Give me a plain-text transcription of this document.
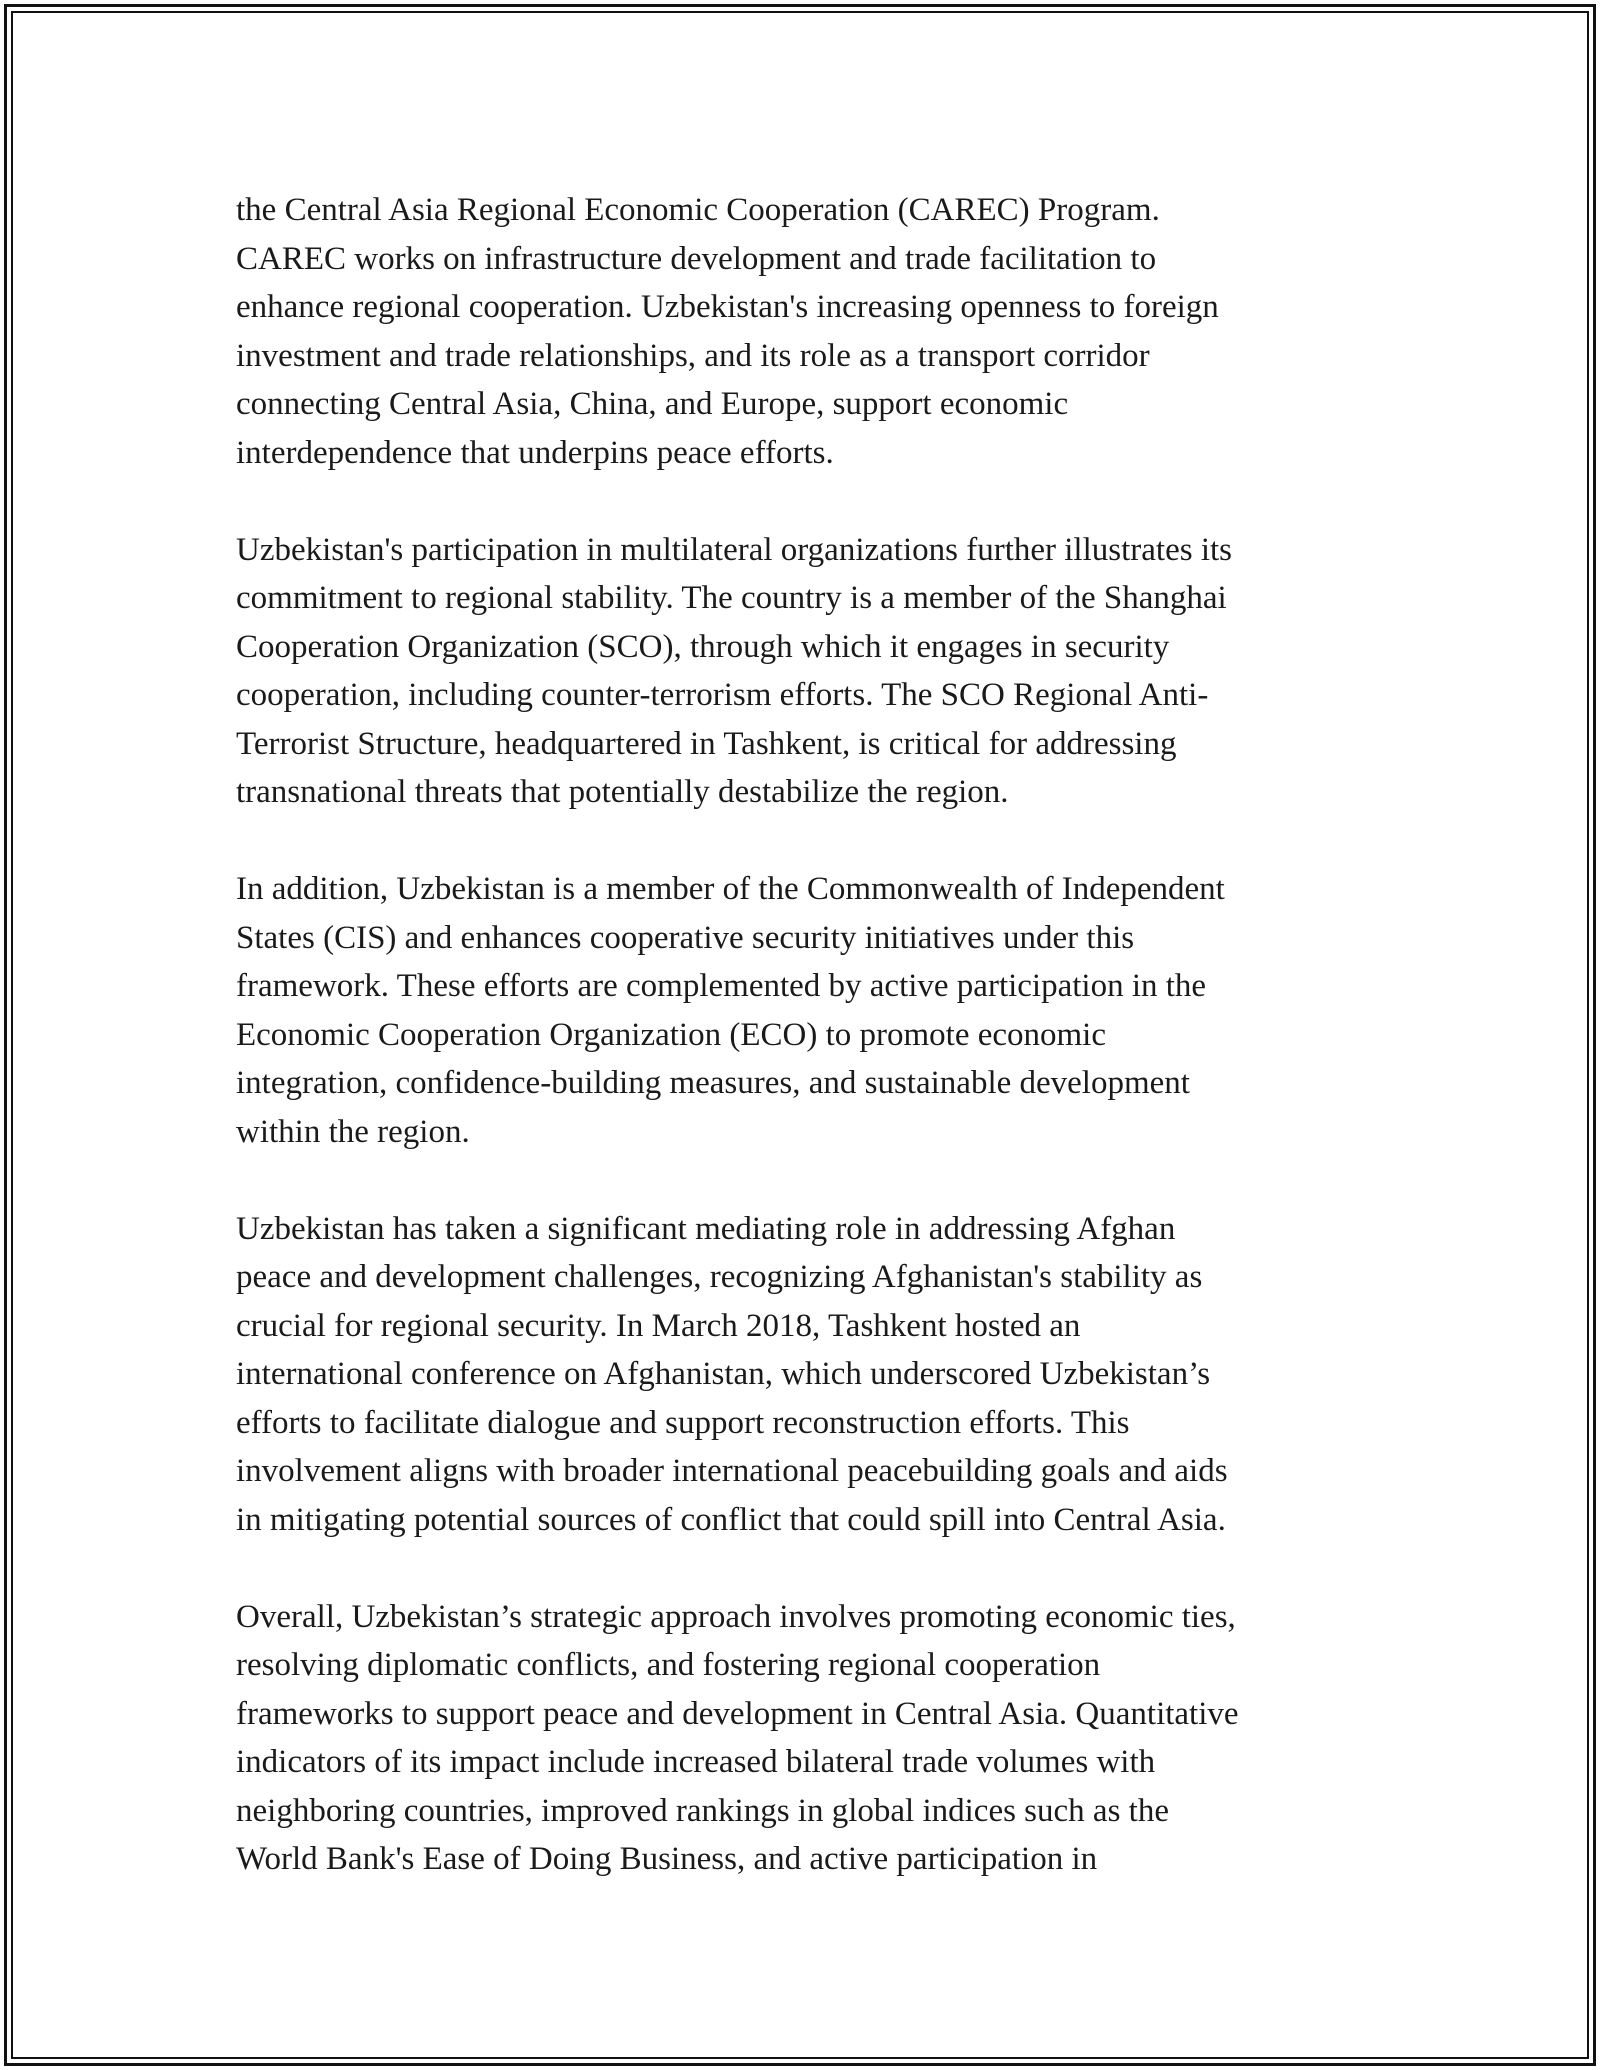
the Central Asia Regional Economic Cooperation (CAREC) Program.
CAREC works on infrastructure development and trade facilitation to
enhance regional cooperation. Uzbekistan's increasing openness to foreign
investment and trade relationships, and its role as a transport corridor
connecting Central Asia, China, and Europe, support economic
interdependence that underpins peace efforts.

Uzbekistan's participation in multilateral organizations further illustrates its
commitment to regional stability. The country is a member of the Shanghai
Cooperation Organization (SCO), through which it engages in security
cooperation, including counter-terrorism efforts. The SCO Regional Anti-
Terrorist Structure, headquartered in Tashkent, is critical for addressing
transnational threats that potentially destabilize the region.

In addition, Uzbekistan is a member of the Commonwealth of Independent
States (CIS) and enhances cooperative security initiatives under this
framework. These efforts are complemented by active participation in the
Economic Cooperation Organization (ECO) to promote economic
integration, confidence-building measures, and sustainable development
within the region.

Uzbekistan has taken a significant mediating role in addressing Afghan
peace and development challenges, recognizing Afghanistan's stability as
crucial for regional security. In March 2018, Tashkent hosted an
international conference on Afghanistan, which underscored Uzbekistan’s
efforts to facilitate dialogue and support reconstruction efforts. This
involvement aligns with broader international peacebuilding goals and aids
in mitigating potential sources of conflict that could spill into Central Asia.

Overall, Uzbekistan’s strategic approach involves promoting economic ties,
resolving diplomatic conflicts, and fostering regional cooperation
frameworks to support peace and development in Central Asia. Quantitative
indicators of its impact include increased bilateral trade volumes with
neighboring countries, improved rankings in global indices such as the
World Bank's Ease of Doing Business, and active participation in
